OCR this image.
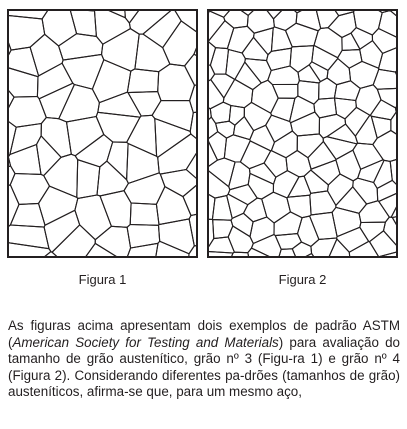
Figura 1	Figura 2

As figuras acima apresentam dois exemplos de padrão ASTM (American Society for Testing and Materials) para avaliação do tamanho de grão austenítico, grão nº 3 (Figu-ra 1) e grão nº 4 (Figura 2). Considerando diferentes pa-drões (tamanhos de grão) austeníticos, afirma-se que, para um mesmo aço,
